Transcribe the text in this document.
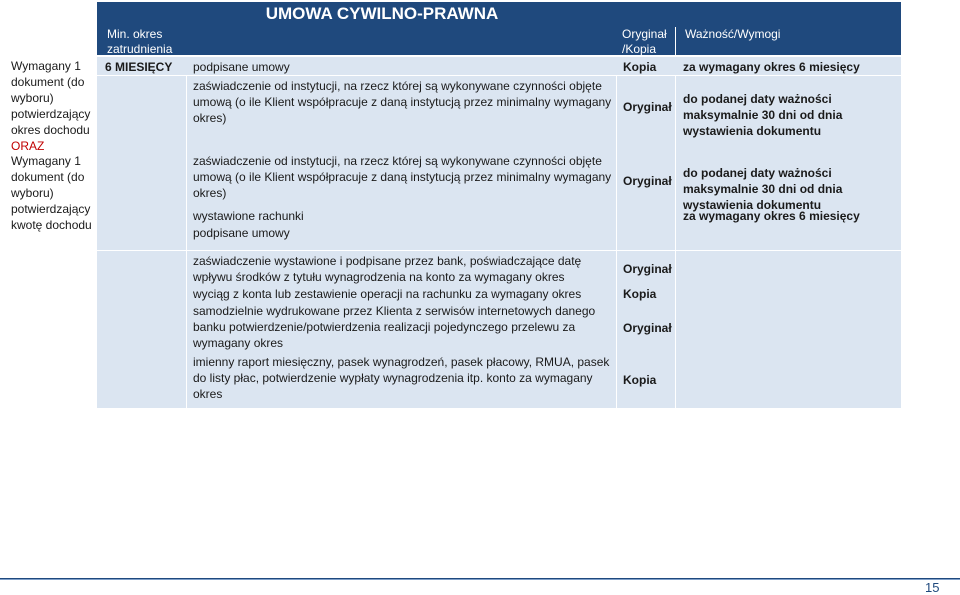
UMOWA CYWILNO-PRAWNA
Min. okres zatrudnienia
Oryginał /Kopia
Ważność/Wymogi
Wymagany 1 dokument (do wyboru) potwierdzający okres dochodu
ORAZ
Wymagany 1 dokument (do wyboru) potwierdzający kwotę dochodu
6 MIESIĘCY podpisane umowy	Kopia za wymagany okres 6 miesięcy
zaświadczenie od instytucji, na rzecz której są wykonywane czynności objęte umową (o ile Klient współpracuje z daną instytucją przez minimalny wymagany okres)
Oryginał
do podanej daty ważności maksymalnie 30 dni od dnia wystawienia dokumentu
zaświadczenie od instytucji, na rzecz której są wykonywane czynności objęte umową (o ile Klient współpracuje z daną instytucją przez minimalny wymagany okres)
Oryginał
do podanej daty ważności maksymalnie 30 dni od dnia wystawienia dokumentu
wystawione rachunki
podpisane umowy
za wymagany okres 6 miesięcy
zaświadczenie wystawione i podpisane przez bank, poświadczające datę wpływu środków z tytułu wynagrodzenia na konto za wymagany okres
Oryginał
wyciąg z konta lub zestawienie operacji na rachunku za wymagany okres	Kopia
samodzielnie wydrukowane przez Klienta z serwisów internetowych danego banku potwierdzenie/potwierdzenia realizacji pojedynczego przelewu za wymagany okres
Oryginał
imienny raport miesięczny, pasek wynagrodzeń, pasek płacowy, RMUA, pasek do listy płac, potwierdzenie wypłaty wynagrodzenia itp. konto za wymagany okres
Kopia
15
